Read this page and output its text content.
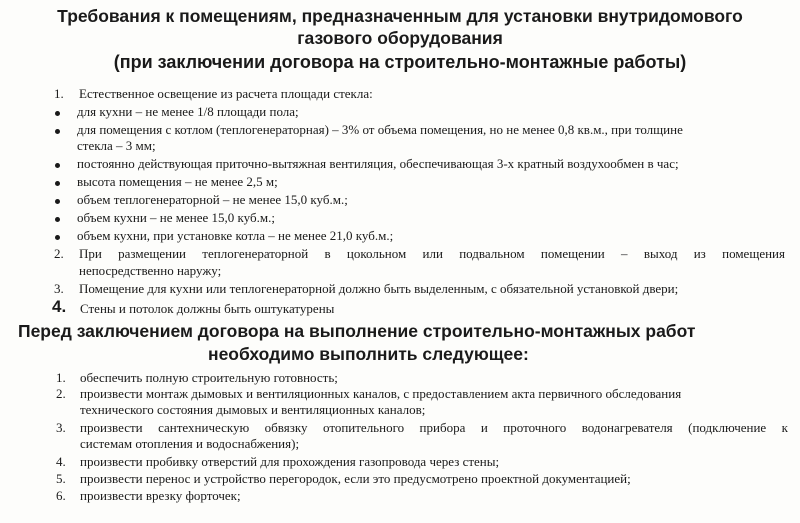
Требования к помещениям, предназначенным для установки внутридомового
газового оборудования
(при заключении договора на строительно-монтажные работы)
1. Естественное освещение из расчета площади стекла:
для кухни – не менее 1/8 площади пола;
для помещения с котлом (теплогенераторная) – 3% от объема помещения, но не менее 0,8 кв.м., при толщине
стекла – 3 мм;
постоянно действующая приточно-вытяжная вентиляция, обеспечивающая 3-х кратный воздухообмен в час;
высота помещения – не менее 2,5 м;
объем теплогенераторной – не менее 15,0 куб.м.;
объем кухни – не менее 15,0 куб.м.;
объем кухни, при установке котла – не менее 21,0 куб.м.;
2. При размещении теплогенераторной в цокольном или подвальном помещении – выход из помещения
непосредственно наружу;
3. Помещение для кухни или теплогенераторной должно быть выделенным, с обязательной установкой двери;
4. Стены и потолок должны быть оштукатурены
Перед заключением договора на выполнение строительно-монтажных работ
необходимо выполнить следующее:
1. обеспечить полную строительную готовность;
2. произвести монтаж дымовых и вентиляционных каналов, с предоставлением акта первичного обследования
технического состояния дымовых и вентиляционных каналов;
3. произвести сантехническую обвязку отопительного прибора и проточного водонагревателя (подключение к
системам отопления и водоснабжения);
4. произвести пробивку отверстий для прохождения газопровода через стены;
5. произвести перенос и устройство перегородок, если это предусмотрено проектной документацией;
6. произвести врезку форточек;
